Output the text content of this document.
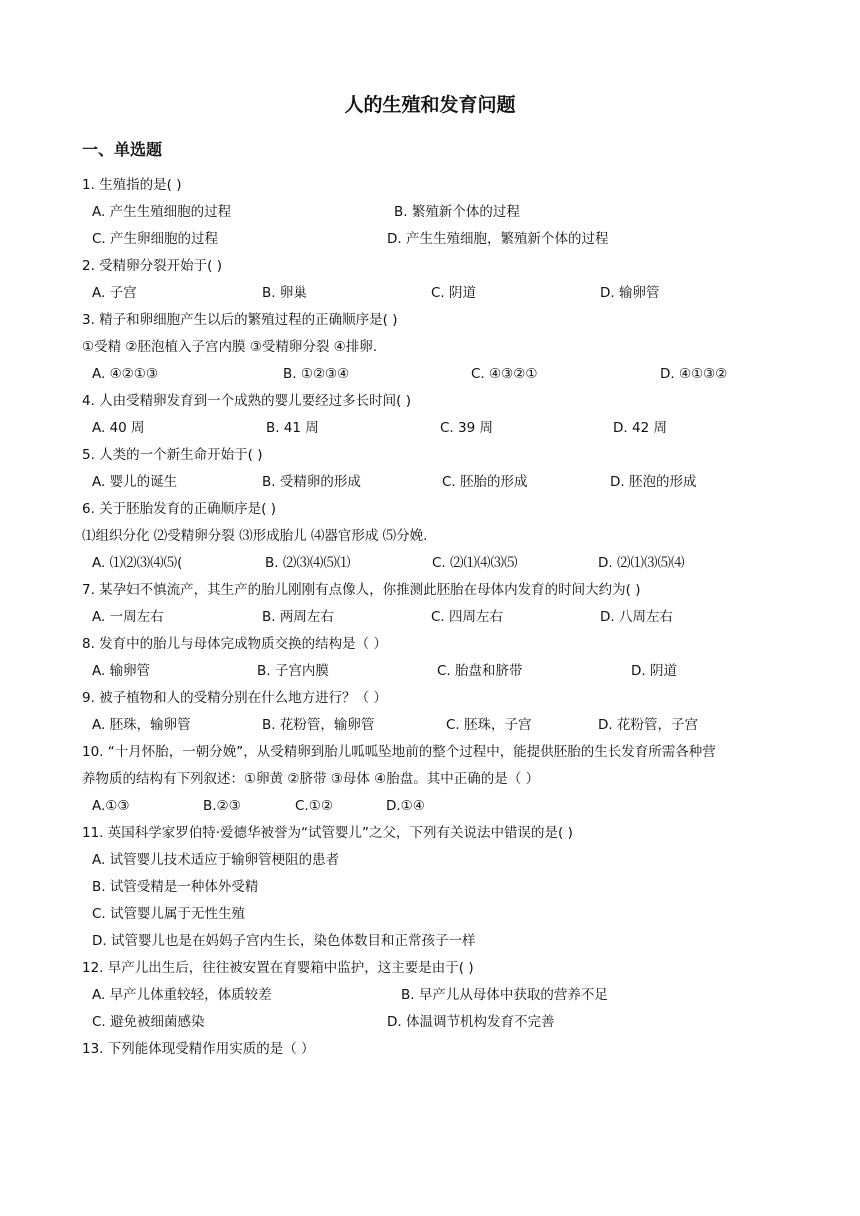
人的生殖和发育问题
一、单选题
1. 生殖指的是( )
A. 产生生殖细胞的过程	B. 繁殖新个体的过程
C. 产生卵细胞的过程	D. 产生生殖细胞，繁殖新个体的过程
2. 受精卵分裂开始于( )
A. 子宫	B. 卵巢	C. 阴道	D. 输卵管
3. 精子和卵细胞产生以后的繁殖过程的正确顺序是( )
①受精 ②胚泡植入子宫内膜 ③受精卵分裂 ④排卵.
A. ④②①③	B. ①②③④	C. ④③②①	D. ④①③②
4. 人由受精卵发育到一个成熟的婴儿要经过多长时间( )
A. 40 周	B. 41 周	C. 39 周	D. 42 周
5. 人类的一个新生命开始于( )
A. 婴儿的诞生	B. 受精卵的形成	C. 胚胎的形成	D. 胚泡的形成
6. 关于胚胎发育的正确顺序是( )
⑴组织分化 ⑵受精卵分裂 ⑶形成胎儿 ⑷器官形成 ⑸分娩.
A. ⑴⑵⑶⑷⑸(	B. ⑵⑶⑷⑸⑴	C. ⑵⑴⑷⑶⑸	D. ⑵⑴⑶⑸⑷
7. 某孕妇不慎流产，其生产的胎儿刚刚有点像人，你推测此胚胎在母体内发育的时间大约为( )
A. 一周左右	B. 两周左右	C. 四周左右	D. 八周左右
8. 发育中的胎儿与母体完成物质交换的结构是（ ）
A. 输卵管	B. 子宫内膜	C. 胎盘和脐带	D. 阴道
9. 被子植物和人的受精分别在什么地方进行？（ ）
A. 胚珠，输卵管	B. 花粉管，输卵管	C. 胚珠，子宫	D. 花粉管，子宫
10. “十月怀胎，一朝分娩”，从受精卵到胎儿呱呱坠地前的整个过程中，能提供胚胎的生长发育所需各种营
养物质的结构有下列叙述：①卵黄 ②脐带 ③母体 ④胎盘。其中正确的是（ ）
A.①③	B.②③	C.①②	D.①④
11. 英国科学家罗伯特·爱德华被誉为“试管婴儿”之父，下列有关说法中错误的是( )
A. 试管婴儿技术适应于输卵管梗阻的患者
B. 试管受精是一种体外受精
C. 试管婴儿属于无性生殖
D. 试管婴儿也是在妈妈子宫内生长，染色体数目和正常孩子一样
12. 早产儿出生后，往往被安置在育婴箱中监护，这主要是由于( )
A. 早产儿体重较轻，体质较差	B. 早产儿从母体中获取的营养不足
C. 避免被细菌感染	D. 体温调节机构发育不完善
13. 下列能体现受精作用实质的是（ ）
